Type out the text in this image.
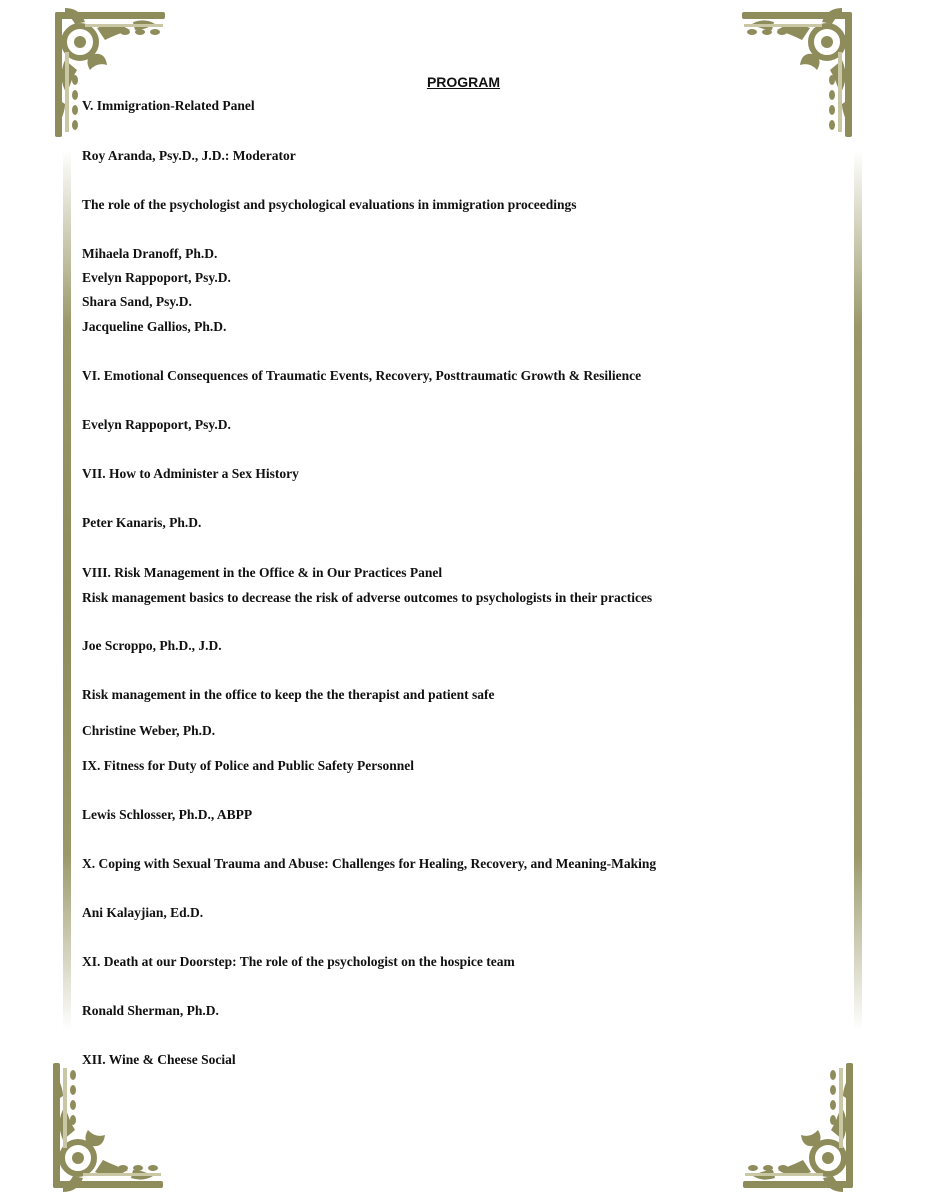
PROGRAM
V. Immigration-Related Panel
Roy Aranda, Psy.D., J.D.: Moderator
The role of the psychologist and psychological evaluations in immigration proceedings
Mihaela Dranoff, Ph.D.
Evelyn Rappoport, Psy.D.
Shara Sand, Psy.D.
Jacqueline Gallios, Ph.D.
VI. Emotional Consequences of Traumatic Events, Recovery, Posttraumatic Growth & Resilience
Evelyn Rappoport, Psy.D.
VII. How to Administer a Sex History
Peter Kanaris, Ph.D.
VIII. Risk Management in the Office & in Our Practices Panel
Risk management basics to decrease the risk of adverse outcomes to psychologists in their practices
Joe Scroppo, Ph.D., J.D.
Risk management in the office to keep the the therapist and patient safe
Christine Weber, Ph.D.
IX. Fitness for Duty of Police and Public Safety Personnel
Lewis Schlosser, Ph.D., ABPP
X. Coping with Sexual Trauma and Abuse: Challenges for Healing, Recovery, and Meaning-Making
Ani Kalayjian, Ed.D.
XI. Death at our Doorstep: The role of the psychologist on the hospice team
Ronald Sherman, Ph.D.
XII. Wine & Cheese Social
